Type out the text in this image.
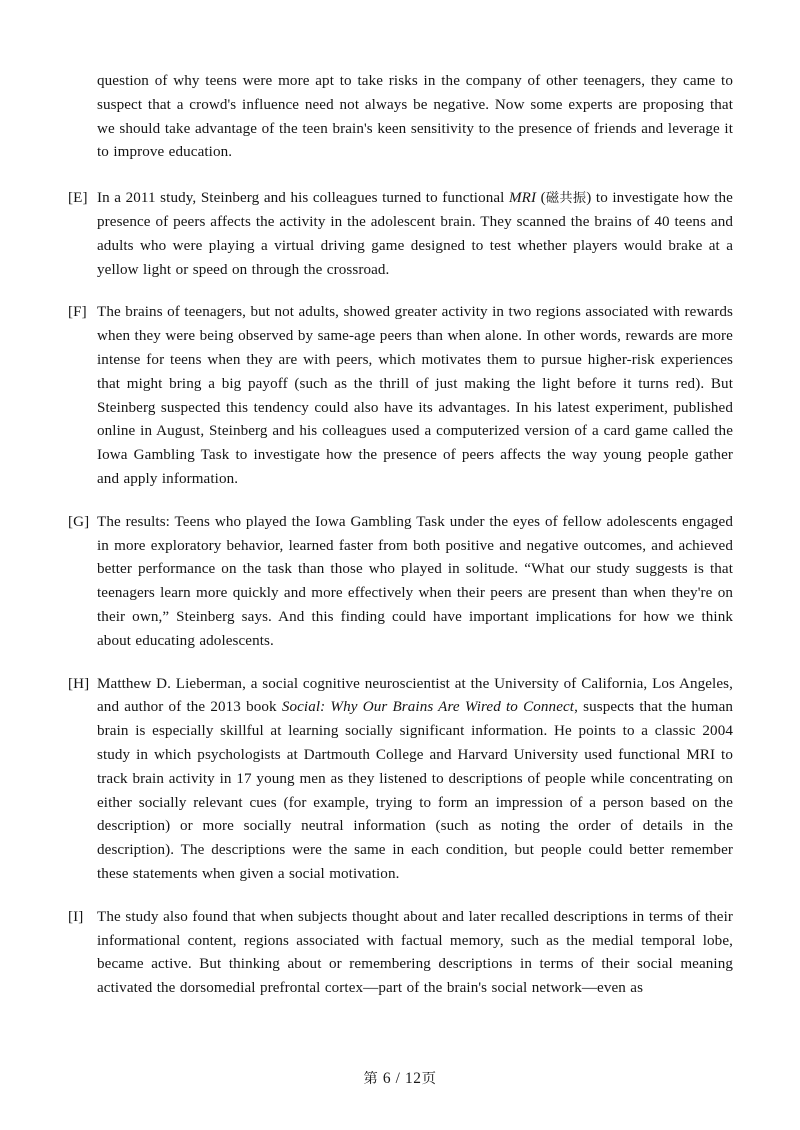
question of why teens were more apt to take risks in the company of other teenagers, they came to suspect that a crowd's influence need not always be negative. Now some experts are proposing that we should take advantage of the teen brain's keen sensitivity to the presence of friends and leverage it to improve education.
[E] In a 2011 study, Steinberg and his colleagues turned to functional MRI (磁共振) to investigate how the presence of peers affects the activity in the adolescent brain. They scanned the brains of 40 teens and adults who were playing a virtual driving game designed to test whether players would brake at a yellow light or speed on through the crossroad.
[F] The brains of teenagers, but not adults, showed greater activity in two regions associated with rewards when they were being observed by same-age peers than when alone. In other words, rewards are more intense for teens when they are with peers, which motivates them to pursue higher-risk experiences that might bring a big payoff (such as the thrill of just making the light before it turns red). But Steinberg suspected this tendency could also have its advantages. In his latest experiment, published online in August, Steinberg and his colleagues used a computerized version of a card game called the Iowa Gambling Task to investigate how the presence of peers affects the way young people gather and apply information.
[G] The results: Teens who played the Iowa Gambling Task under the eyes of fellow adolescents engaged in more exploratory behavior, learned faster from both positive and negative outcomes, and achieved better performance on the task than those who played in solitude. “What our study suggests is that teenagers learn more quickly and more effectively when their peers are present than when they're on their own,” Steinberg says. And this finding could have important implications for how we think about educating adolescents.
[H] Matthew D. Lieberman, a social cognitive neuroscientist at the University of California, Los Angeles, and author of the 2013 book Social: Why Our Brains Are Wired to Connect, suspects that the human brain is especially skillful at learning socially significant information. He points to a classic 2004 study in which psychologists at Dartmouth College and Harvard University used functional MRI to track brain activity in 17 young men as they listened to descriptions of people while concentrating on either socially relevant cues (for example, trying to form an impression of a person based on the description) or more socially neutral information (such as noting the order of details in the description). The descriptions were the same in each condition, but people could better remember these statements when given a social motivation.
[I] The study also found that when subjects thought about and later recalled descriptions in terms of their informational content, regions associated with factual memory, such as the medial temporal lobe, became active. But thinking about or remembering descriptions in terms of their social meaning activated the dorsomedial prefrontal cortex—part of the brain's social network—even as
第 6 / 12页
